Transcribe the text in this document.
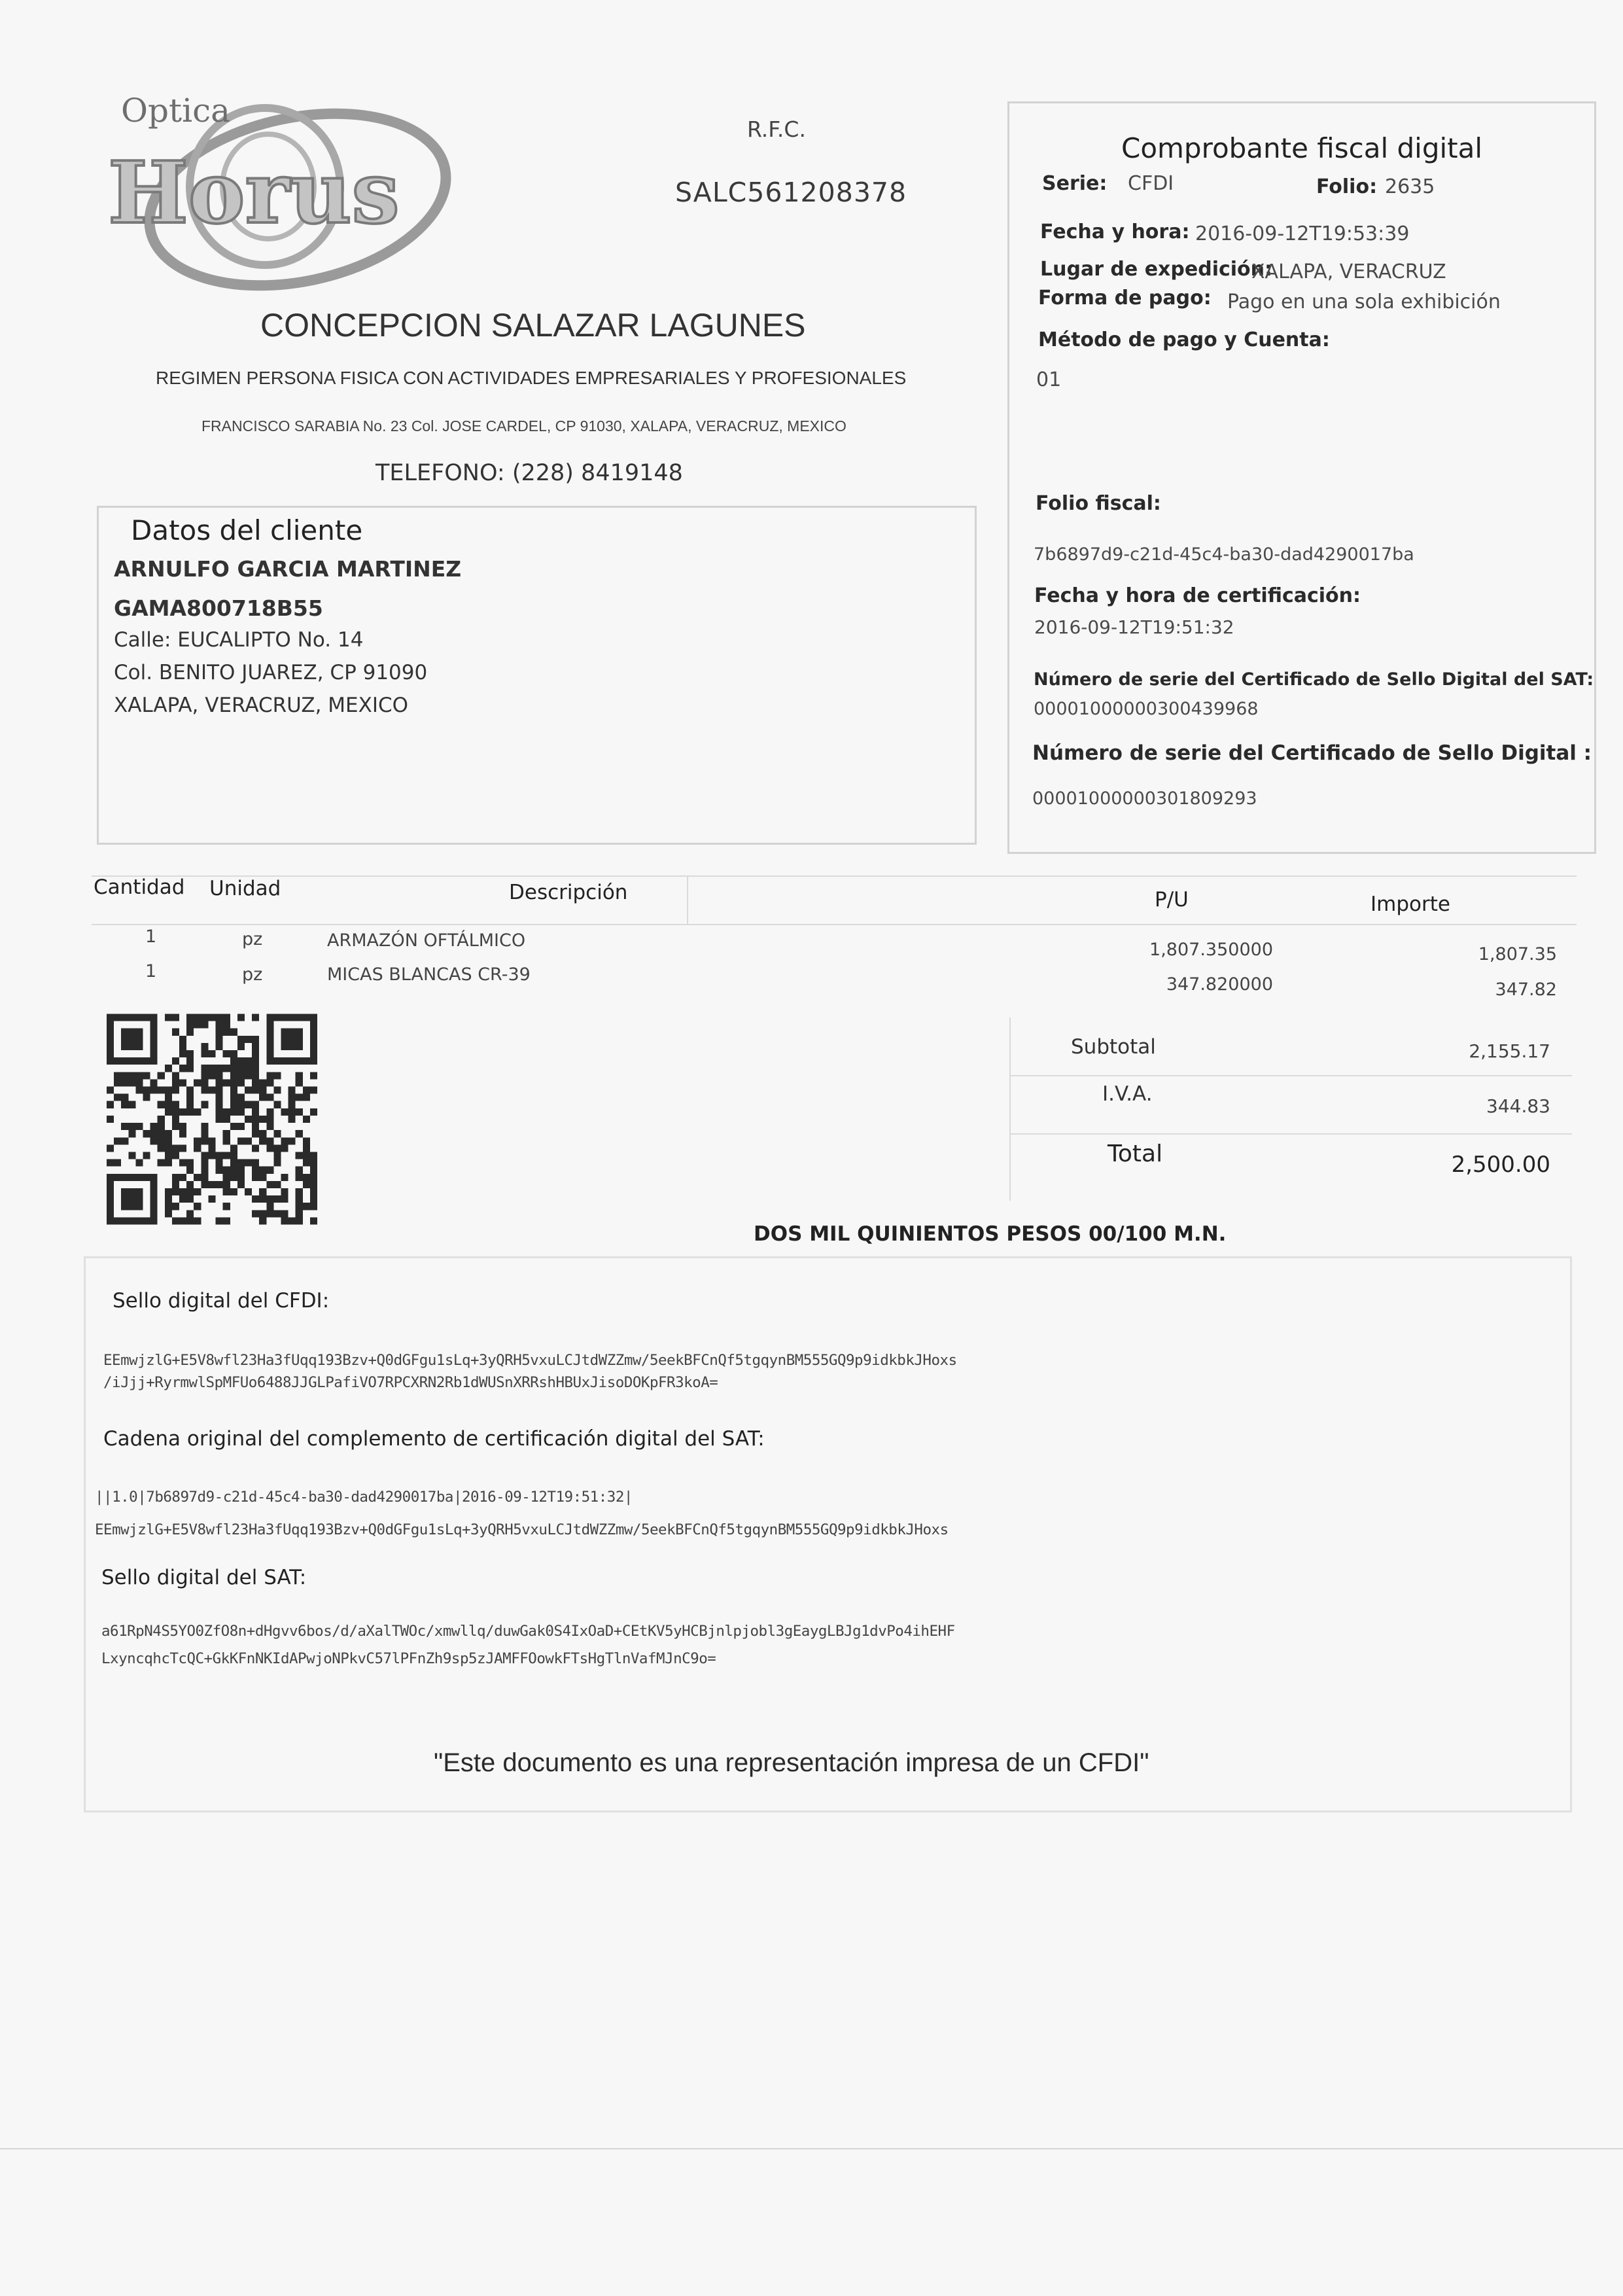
Horus
Optica	R.F.C.
SALC561208378
CONCEPCION SALAZAR LAGUNES
REGIMEN PERSONA FISICA CON ACTIVIDADES EMPRESARIALES Y PROFESIONALES
FRANCISCO SARABIA No. 23 Col. JOSE CARDEL, CP 91030, XALAPA, VERACRUZ, MEXICO
TELEFONO: (228) 8419148
Comprobante fiscal digital
Serie: CFDI	Folio: 2635
Fecha y hora: 2016-09-12T19:53:39
Lugar de expedición:
XALAPA, VERACRUZ
Forma de pago: Pago en una sola exhibición
Método de pago y Cuenta:
01
Folio fiscal:
7b6897d9-c21d-45c4-ba30-dad4290017ba
Fecha y hora de certificación:
2016-09-12T19:51:32
Número de serie del Certificado de Sello Digital del SAT:
00001000000300439968
Número de serie del Certificado de Sello Digital :
00001000000301809293
Datos del cliente
ARNULFO GARCIA MARTINEZ
GAMA800718B55
Calle: EUCALIPTO No. 14
Col. BENITO JUAREZ, CP 91090
XALAPA, VERACRUZ, MEXICO
Cantidad Unidad	Descripción	P/U	Importe
1	pz	ARMAZÓN OFTÁLMICO	1,807.350000	1,807.35
1	pz	MICAS BLANCAS CR-39	347.820000	347.82
Subtotal	2,155.17
I.V.A.
344.83
Total	2,500.00
DOS MIL QUINIENTOS PESOS 00/100 M.N.
Sello digital del CFDI:
EEmwjzlG+E5V8wfl23Ha3fUqq193Bzv+Q0dGFgu1sLq+3yQRH5vxuLCJtdWZZmw/5eekBFCnQf5tgqynBM555GQ9p9idkbkJHoxs
/iJjj+RyrmwlSpMFUo6488JJGLPafiVO7RPCXRN2Rb1dWUSnXRRshHBUxJisoDOKpFR3koA=
Cadena original del complemento de certificación digital del SAT:
||1.0|7b6897d9-c21d-45c4-ba30-dad4290017ba|2016-09-12T19:51:32|
EEmwjzlG+E5V8wfl23Ha3fUqq193Bzv+Q0dGFgu1sLq+3yQRH5vxuLCJtdWZZmw/5eekBFCnQf5tgqynBM555GQ9p9idkbkJHoxs
Sello digital del SAT:
a61RpN4S5YO0ZfO8n+dHgvv6bos/d/aXalTWOc/xmwllq/duwGak0S4IxOaD+CEtKV5yHCBjnlpjobl3gEaygLBJg1dvPo4ihEHF
LxyncqhcTcQC+GkKFnNKIdAPwjoNPkvC57lPFnZh9sp5zJAMFFOowkFTsHgTlnVafMJnC9o=
"Este documento es una representación impresa de un CFDI"
